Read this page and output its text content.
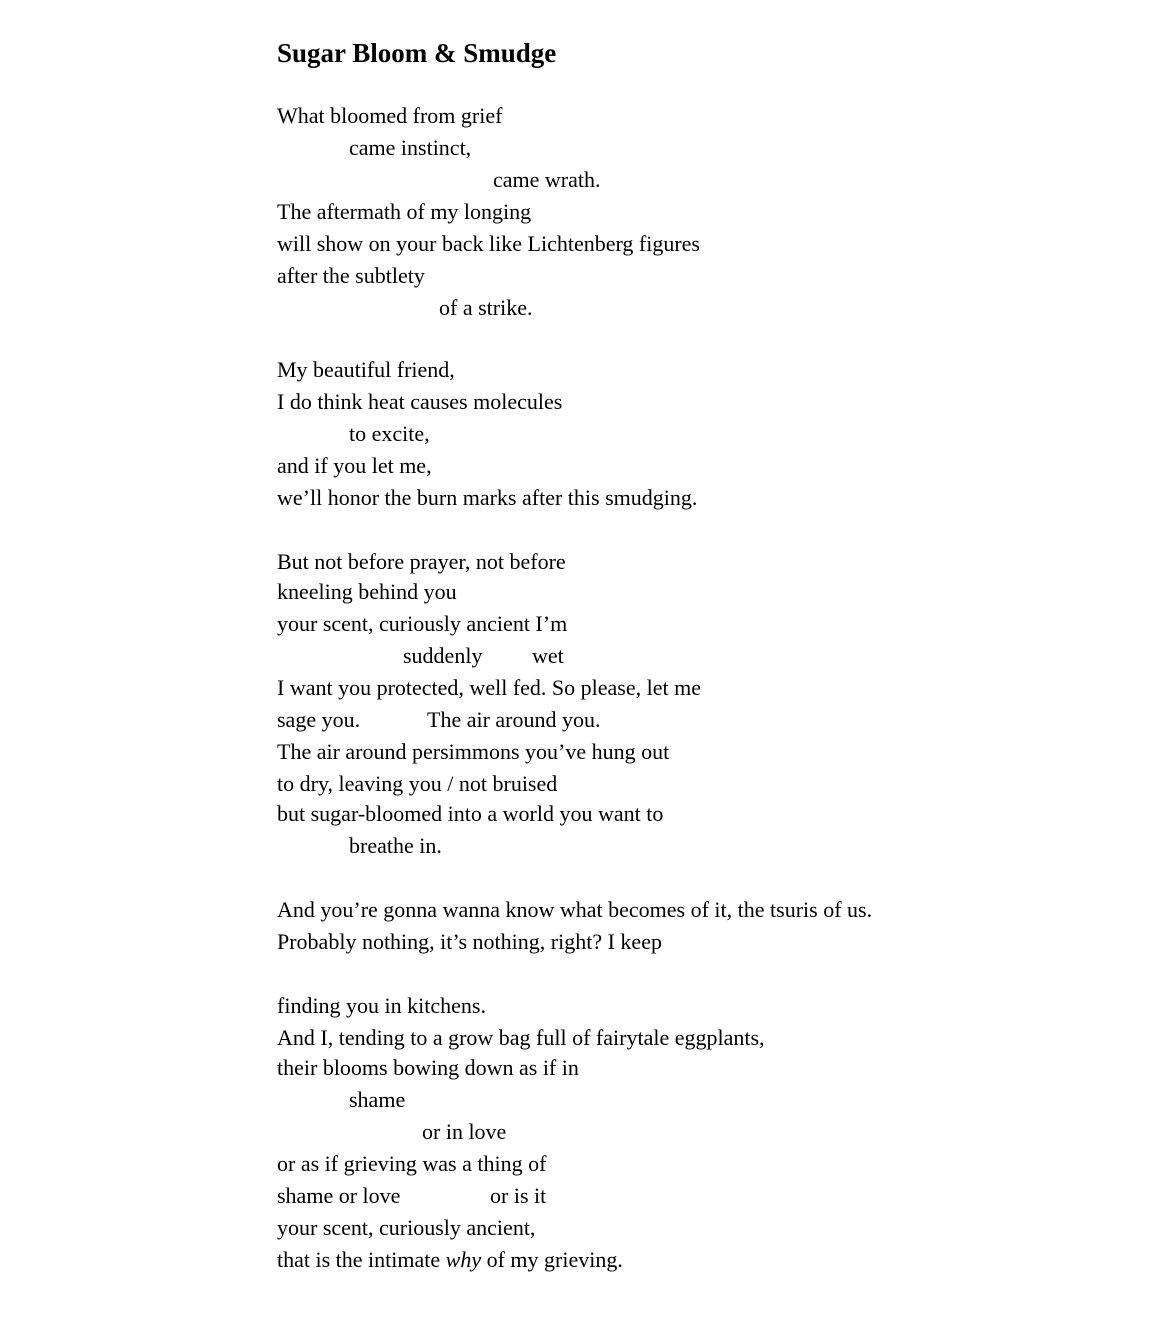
Sugar Bloom & Smudge

What bloomed from grief

came instinct,

came wrath.

The aftermath of my longing

will show on your back like Lichtenberg figures

after the subtlety

of a strike.

My beautiful friend,

I do think heat causes molecules

to excite,

and if you let me,

we’ll honor the burn marks after this smudging.

But not before prayer, not before

kneeling behind you

your scent, curiously ancient I’m

suddenly wet

I want you protected, well fed. So please, let me

sage you.	The air around you.

The air around persimmons you’ve hung out

to dry, leaving you / not bruised

but sugar-bloomed into a world you want to

breathe in.

And you’re gonna wanna know what becomes of it, the tsuris of us.

Probably nothing, it’s nothing, right? I keep

finding you in kitchens.

And I, tending to a grow bag full of fairytale eggplants,

their blooms bowing down as if in

shame

or in love

or as if grieving was a thing of

shame or love	or is it

your scent, curiously ancient,

that is the intimate why of my grieving.
